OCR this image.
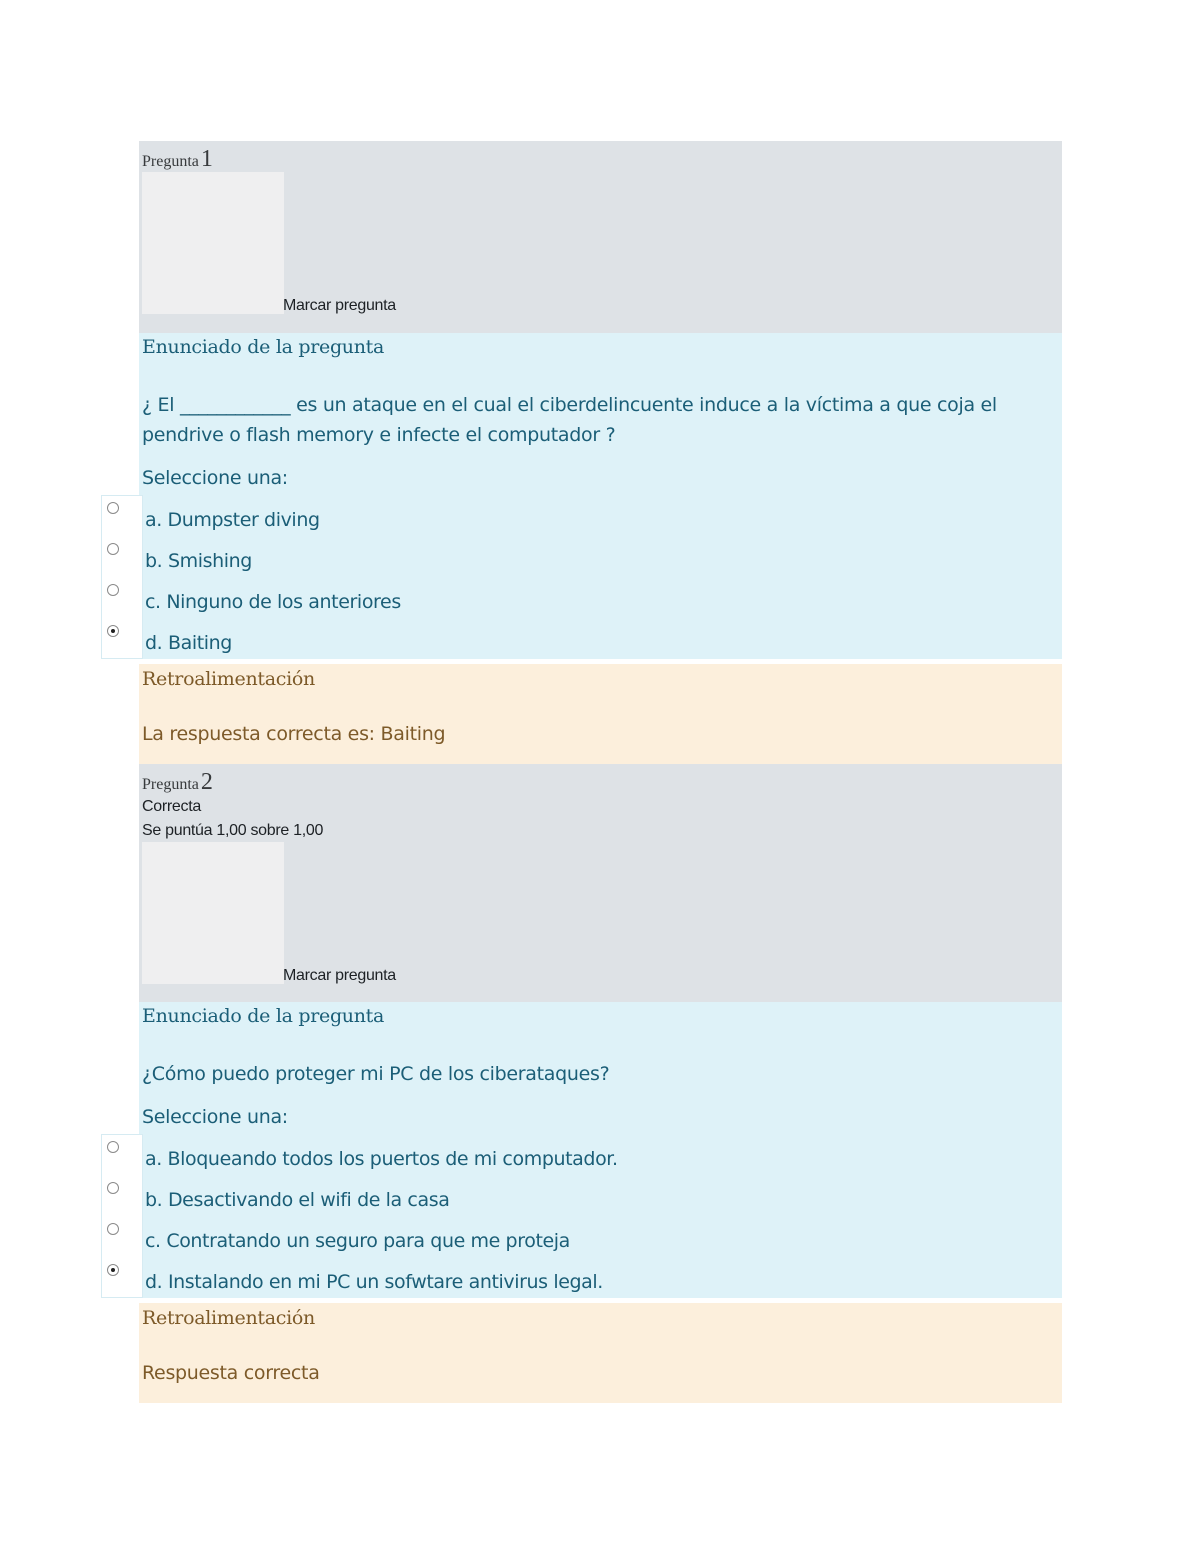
Pregunta1
Marcar pregunta
Enunciado de la pregunta
¿ El ____________ es un ataque en el cual el ciberdelincuente induce a la víctima a que coja el pendrive o flash memory e infecte el computador ?
Seleccione una:
a. Dumpster diving
b. Smishing
c. Ninguno de los anteriores
d. Baiting
Retroalimentación
La respuesta correcta es: Baiting
Pregunta2
Correcta
Se puntúa 1,00 sobre 1,00
Marcar pregunta
Enunciado de la pregunta
¿Cómo puedo proteger mi PC de los ciberataques?
Seleccione una:
a. Bloqueando todos los puertos de mi computador.
b. Desactivando el wifi de la casa
c. Contratando un seguro para que me proteja
d. Instalando en mi PC un sofwtare antivirus legal.
Retroalimentación
Respuesta correcta
